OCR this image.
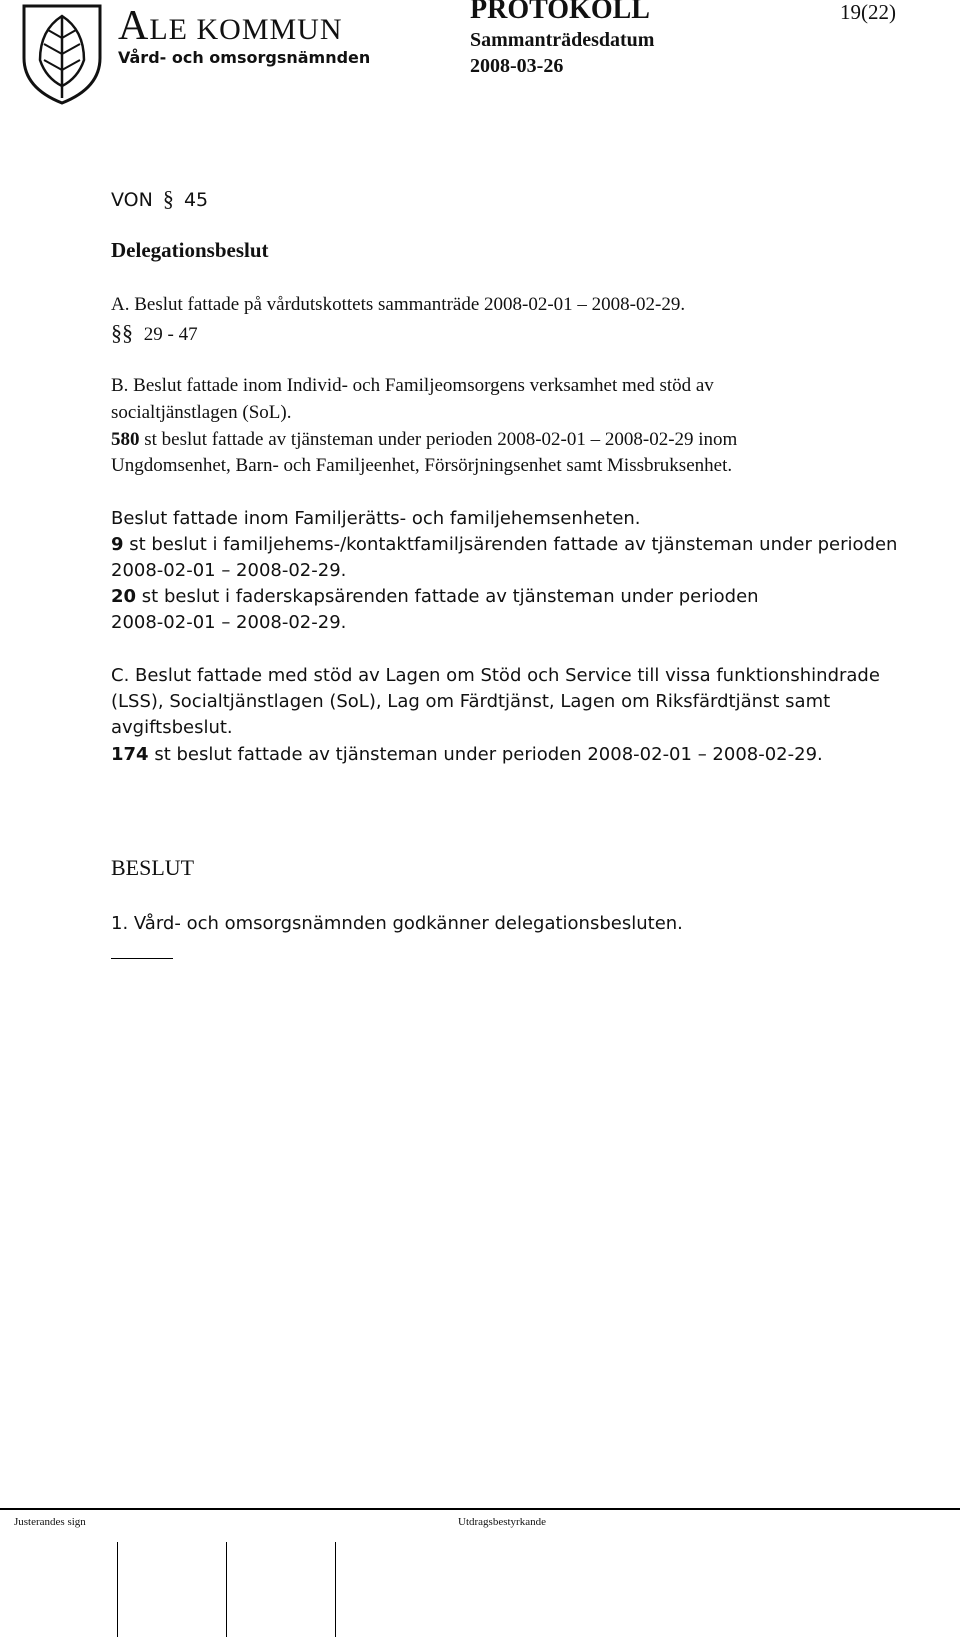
ALE KOMMUN
Vård- och omsorgsnämnden
PROTOKOLL	19(22)
Sammanträdesdatum
2008-03-26
VON § 45
Delegationsbeslut
A. Beslut fattade på vårdutskottets sammanträde 2008-02-01 – 2008-02-29.
§§ 29 - 47
B. Beslut fattade inom Individ- och Familjeomsorgens verksamhet med stöd av
socialtjänstlagen (SoL).
580 st beslut fattade av tjänsteman under perioden 2008-02-01 – 2008-02-29 inom
Ungdomsenhet, Barn- och Familjeenhet, Försörjningsenhet samt Missbruksenhet.
Beslut fattade inom Familjerätts- och familjehemsenheten.
9 st beslut i familjehems-/kontaktfamiljsärenden fattade av tjänsteman under perioden
2008-02-01 – 2008-02-29.
20 st beslut i faderskapsärenden fattade av tjänsteman under perioden
2008-02-01 – 2008-02-29.
C. Beslut fattade med stöd av Lagen om Stöd och Service till vissa funktionshindrade
(LSS), Socialtjänstlagen (SoL), Lag om Färdtjänst, Lagen om Riksfärdtjänst samt
avgiftsbeslut.
174 st beslut fattade av tjänsteman under perioden 2008-02-01 – 2008-02-29.
BESLUT
1. Vård- och omsorgsnämnden godkänner delegationsbesluten.
Justerandes sign	Utdragsbestyrkande
